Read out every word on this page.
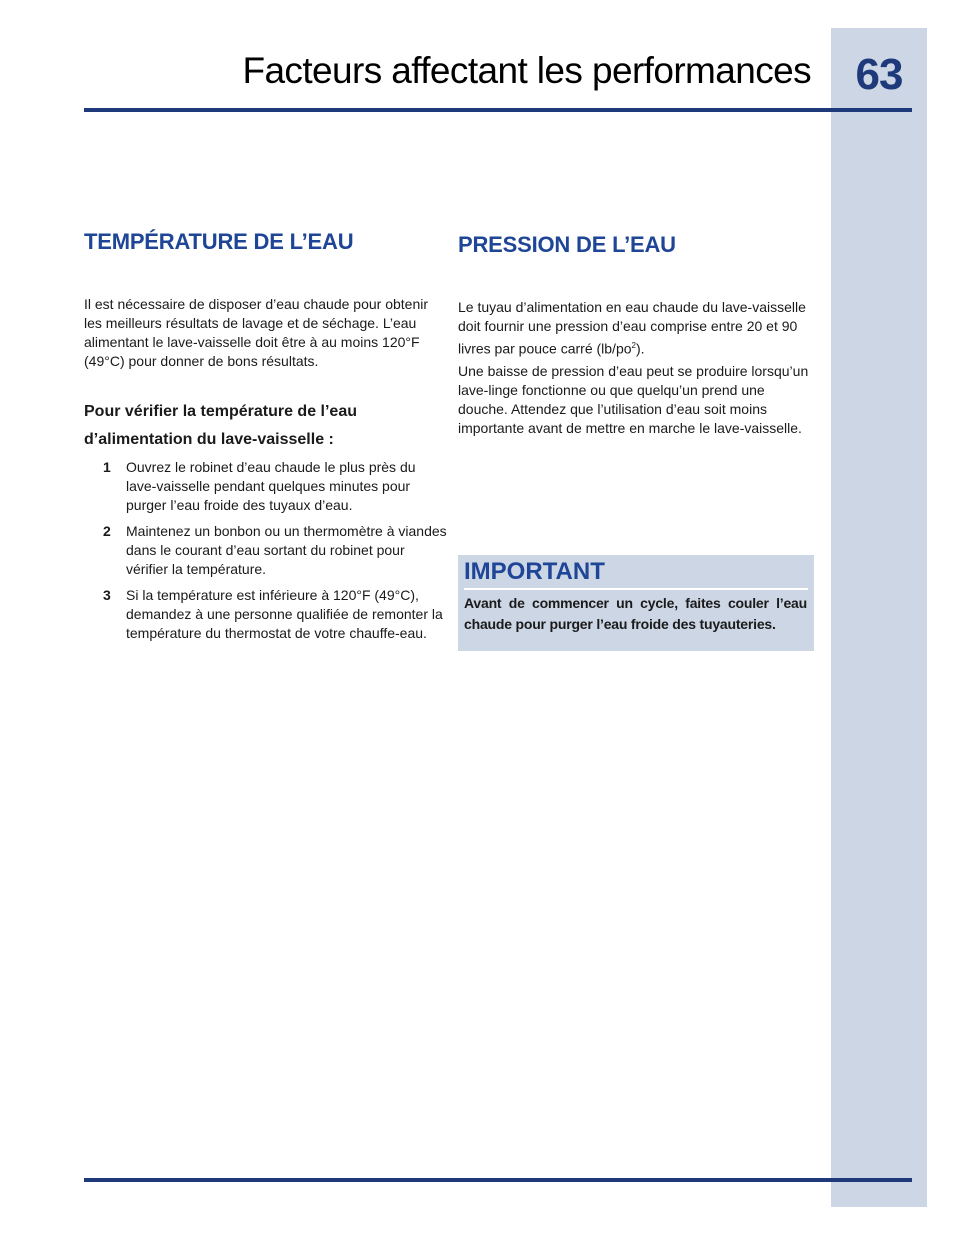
63
Facteurs affectant les performances
TEMPÉRATURE DE L’EAU

Il est nécessaire de disposer d’eau chaude pour obtenir les meilleurs résultats de lavage et de séchage. L’eau alimentant le lave-vaisselle doit être à au moins 120°F (49°C) pour donner de bons résultats.

Pour vérifier la température de l’eau d’alimentation du lave-vaisselle :

1 Ouvrez le robinet d’eau chaude le plus près du lave-vaisselle pendant quelques minutes pour purger l’eau froide des tuyaux d’eau.
2 Maintenez un bonbon ou un thermomètre à viandes dans le courant d’eau sortant du robinet pour vérifier la température.
3 Si la température est inférieure à 120°F (49°C), demandez à une personne qualifiée de remonter la température du thermostat de votre chauffe-eau.
PRESSION DE L’EAU

Le tuyau d’alimentation en eau chaude du lave-vaisselle doit fournir une pression d’eau comprise entre 20 et 90 livres par pouce carré $(lb/po^2)$.

Une baisse de pression d’eau peut se produire lorsqu’un lave-linge fonctionne ou que quelqu’un prend une douche. Attendez que l’utilisation d’eau soit moins importante avant de mettre en marche le lave-vaisselle.

IMPORTANT

Avant de commencer un cycle, faites couler l’eau chaude pour purger l’eau froide des tuyauteries.
